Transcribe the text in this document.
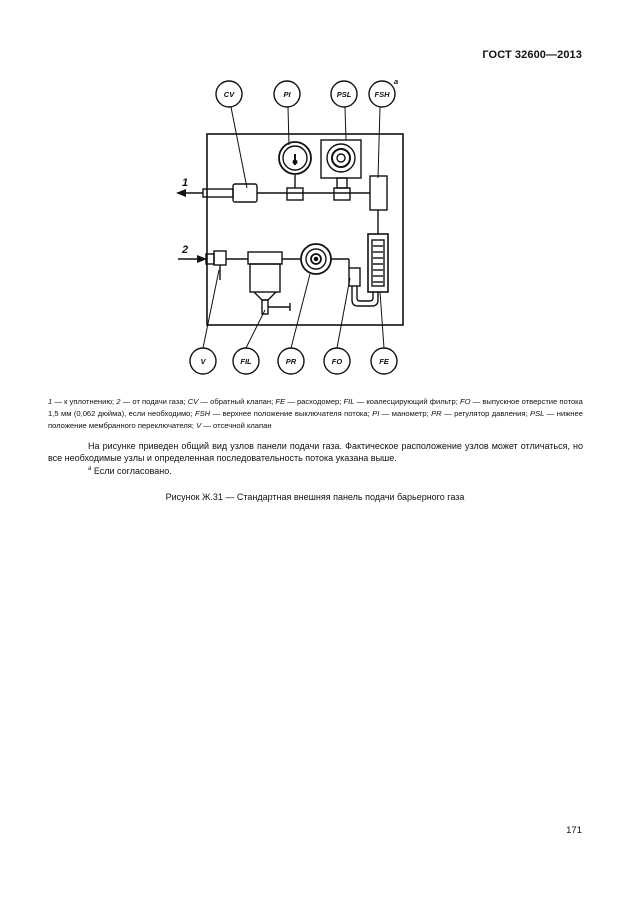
ГОСТ 32600—2013
CV	PI	PSL	FSH
a
1
2
V	FIL	PR	FO	FE
1 — к уплотнению; 2 — от подачи газа; CV — обратный клапан; FE — расходомер; FIL — коалесцирующий фильтр; FO — выпускное отверстие потока 1,5 мм (0,062 дюйма), если необходимо; FSH — верхнее положение выключателя потока; PI — манометр; PR — регулятор давления; PSL — нижнее положение мембранного переключателя; V — отсечной клапан
На рисунке приведен общий вид узлов панели подачи газа. Фактическое расположение узлов может отличаться, но все необходимые узлы и определенная последовательность потока указана выше.
$^a$ Если согласовано.
Рисунок Ж.31 — Стандартная внешняя панель подачи барьерного газа
171
